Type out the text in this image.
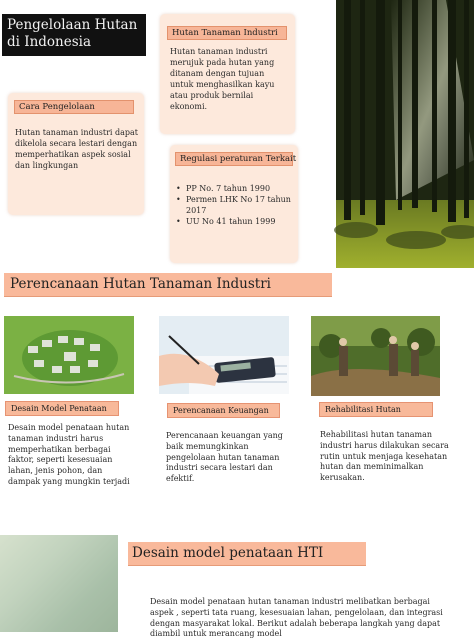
Pengelolaan Hutan di Indonesia
Hutan Tanaman Industri
Hutan tanaman industri merujuk pada hutan yang ditanam dengan tujuan untuk menghasilkan kayu atau produk bernilai ekonomi.
Cara Pengelolaan
Hutan tanaman industri dapat dikelola secara lestari dengan memperhatikan aspek sosial dan lingkungan
Regulasi peraturan Terkait
• PP No. 7 tahun 1990
• Permen LHK No 17 tahun 2017
• UU No 41 tahun 1999
Perencanaan Hutan Tanaman Industri
Desain Model Penataan
Desain model penataan hutan tanaman industri harus memperhatikan berbagai faktor, seperti kesesuaian lahan, jenis pohon, dan dampak yang mungkin terjadi
Perencanaan Keuangan
Perencanaan keuangan yang baik memungkinkan pengelolaan hutan tanaman industri secara lestari dan efektif.
Rehabilitasi Hutan
Rehabilitasi hutan tanaman industri harus dilakukan secara rutin untuk menjaga kesehatan hutan dan meminimalkan kerusakan.
Desain model penataan HTI
Desain model penataan hutan tanaman industri melibatkan berbagai aspek , seperti tata ruang, kesesuaian lahan, pengelolaan, dan integrasi dengan masyarakat lokal. Berikut adalah beberapa langkah yang dapat diambil untuk merancang model
